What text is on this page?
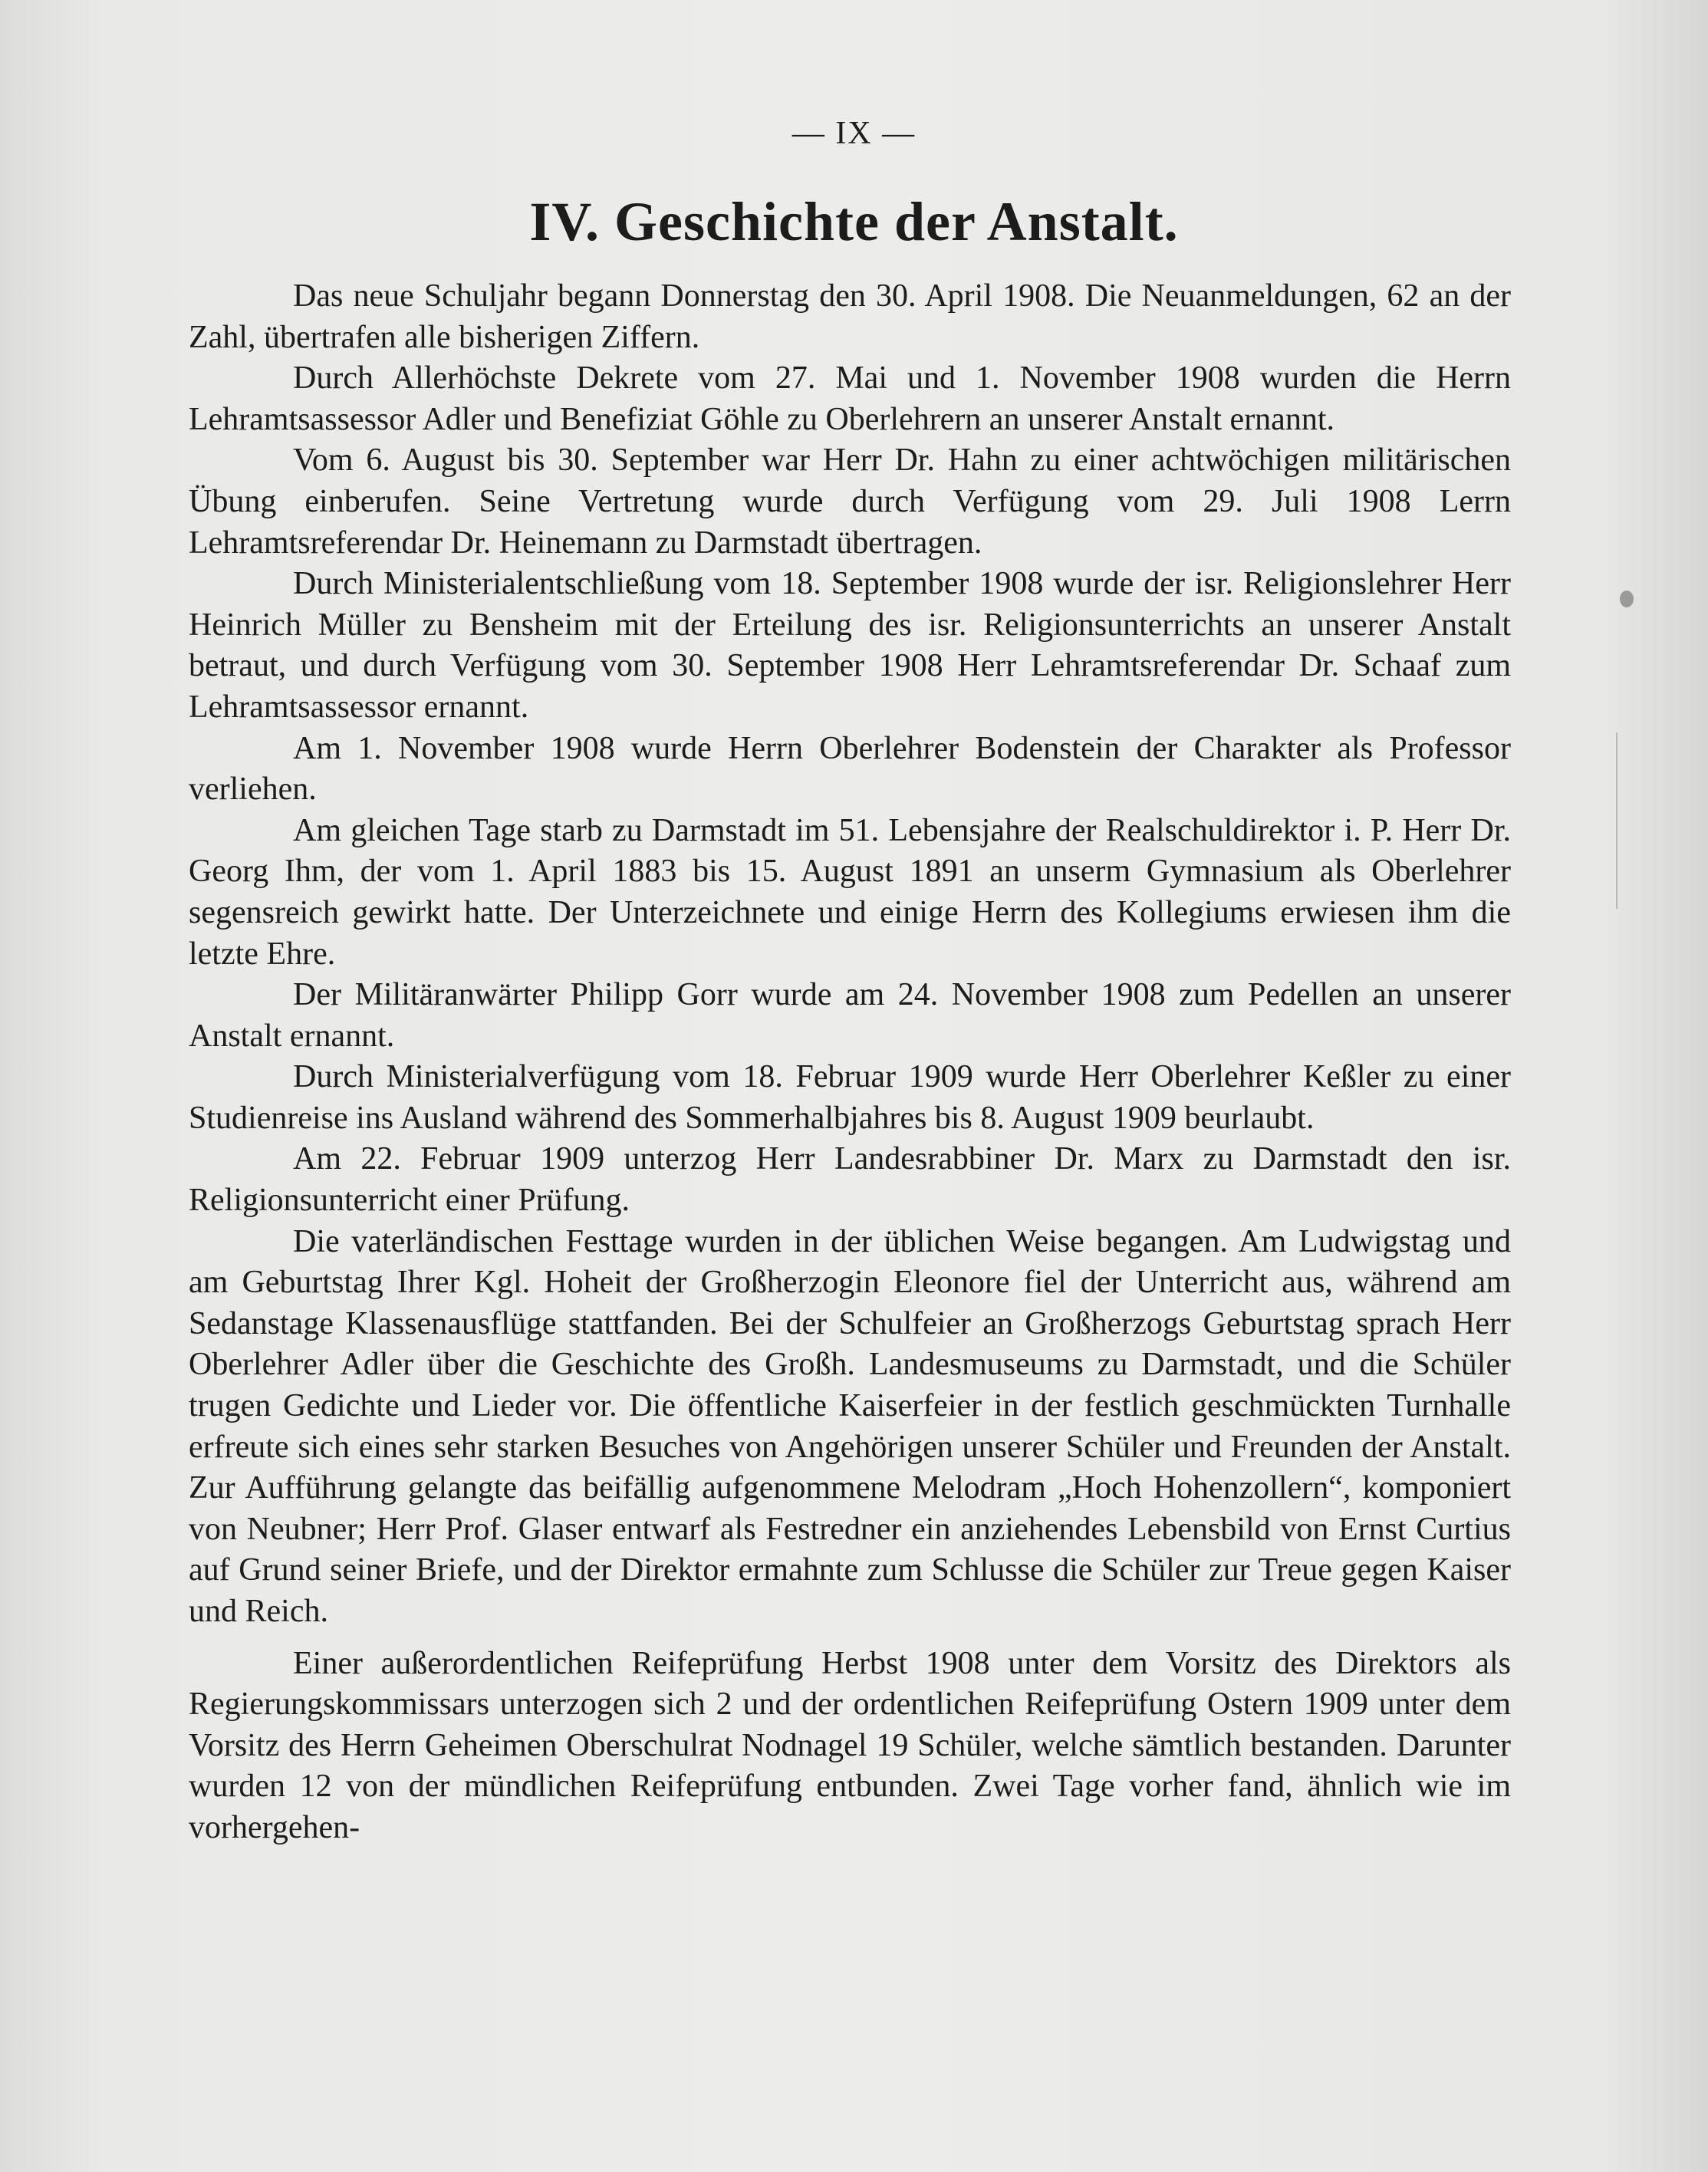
— IX —
IV. Geschichte der Anstalt.

Das neue Schuljahr begann Donnerstag den 30. April 1908. Die Neuanmeldungen, 62 an der Zahl, übertrafen alle bisherigen Ziffern.

Durch Allerhöchste Dekrete vom 27. Mai und 1. November 1908 wurden die Herrn Lehramtsassessor Adler und Benefiziat Göhle zu Oberlehrern an unserer Anstalt ernannt.

Vom 6. August bis 30. September war Herr Dr. Hahn zu einer achtwöchigen militärischen Übung einberufen. Seine Vertretung wurde durch Verfügung vom 29. Juli 1908 Lerrn Lehramtsreferendar Dr. Heinemann zu Darmstadt übertragen.

Durch Ministerialentschließung vom 18. September 1908 wurde der isr. Religionslehrer Herr Heinrich Müller zu Bensheim mit der Erteilung des isr. Religionsunterrichts an unserer Anstalt betraut, und durch Verfügung vom 30. September 1908 Herr Lehramtsreferendar Dr. Schaaf zum Lehramtsassessor ernannt.

Am 1. November 1908 wurde Herrn Oberlehrer Bodenstein der Charakter als Professor verliehen.

Am gleichen Tage starb zu Darmstadt im 51. Lebensjahre der Realschuldirektor i. P. Herr Dr. Georg Ihm, der vom 1. April 1883 bis 15. August 1891 an unserm Gymnasium als Oberlehrer segensreich gewirkt hatte. Der Unterzeichnete und einige Herrn des Kollegiums erwiesen ihm die letzte Ehre.

Der Militäranwärter Philipp Gorr wurde am 24. November 1908 zum Pedellen an unserer Anstalt ernannt.

Durch Ministerialverfügung vom 18. Februar 1909 wurde Herr Oberlehrer Keßler zu einer Studienreise ins Ausland während des Sommerhalbjahres bis 8. August 1909 beurlaubt.

Am 22. Februar 1909 unterzog Herr Landesrabbiner Dr. Marx zu Darmstadt den isr. Religionsunterricht einer Prüfung.

Die vaterländischen Festtage wurden in der üblichen Weise begangen. Am Ludwigstag und am Geburtstag Ihrer Kgl. Hoheit der Großherzogin Eleonore fiel der Unterricht aus, während am Sedanstage Klassenausflüge stattfanden. Bei der Schulfeier an Großherzogs Geburtstag sprach Herr Oberlehrer Adler über die Geschichte des Großh. Landesmuseums zu Darmstadt, und die Schüler trugen Gedichte und Lieder vor. Die öffentliche Kaiserfeier in der festlich geschmückten Turnhalle erfreute sich eines sehr starken Besuches von Angehörigen unserer Schüler und Freunden der Anstalt. Zur Aufführung gelangte das beifällig aufgenommene Melodram „Hoch Hohenzollern“, komponiert von Neubner; Herr Prof. Glaser entwarf als Festredner ein anziehendes Lebensbild von Ernst Curtius auf Grund seiner Briefe, und der Direktor ermahnte zum Schlusse die Schüler zur Treue gegen Kaiser und Reich.

Einer außerordentlichen Reifeprüfung Herbst 1908 unter dem Vorsitz des Direktors als Regierungskommissars unterzogen sich 2 und der ordentlichen Reifeprüfung Ostern 1909 unter dem Vorsitz des Herrn Geheimen Oberschulrat Nodnagel 19 Schüler, welche sämtlich bestanden. Darunter wurden 12 von der mündlichen Reifeprüfung entbunden. Zwei Tage vorher fand, ähnlich wie im vorhergehen-
